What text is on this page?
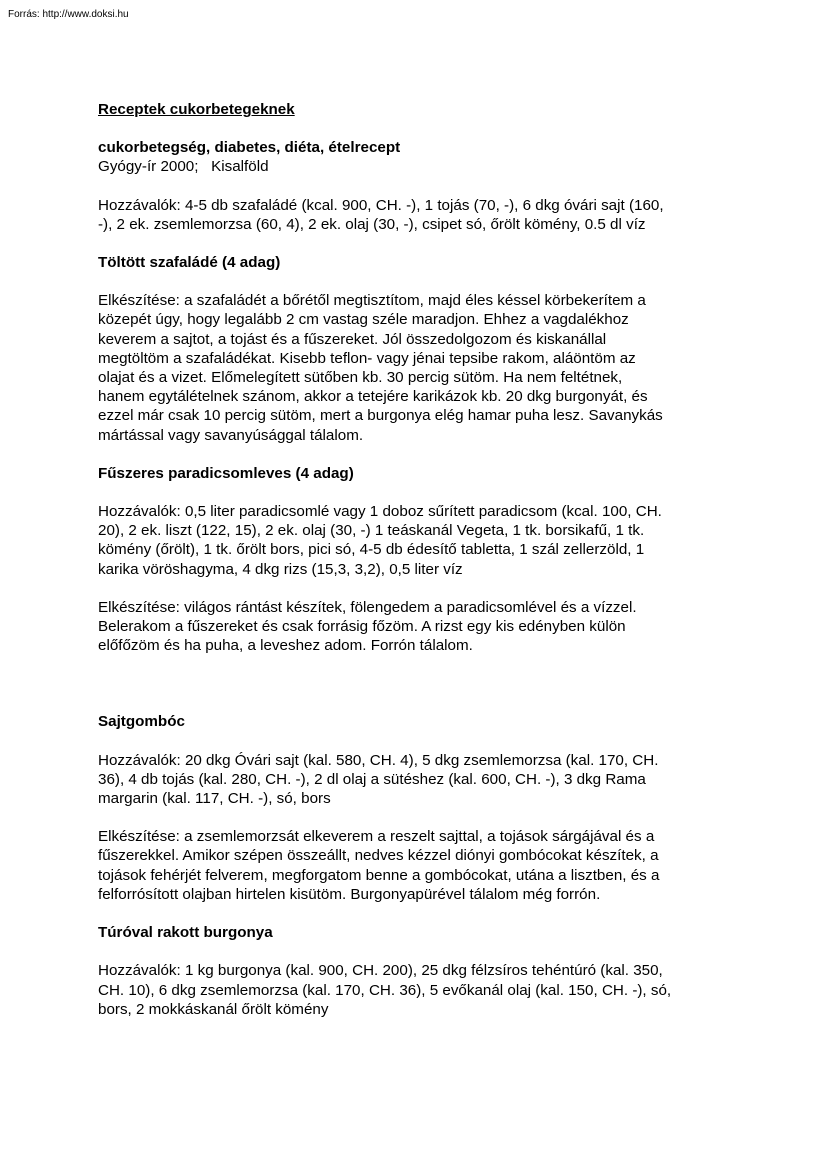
Forrás: http://www.doksi.hu

Receptek cukorbetegeknek

cukorbetegség, diabetes, diéta, ételrecept

Gyógy-ír 2000;   Kisalföld

Hozzávalók: 4-5 db szafaládé (kcal. 900, CH. -), 1 tojás (70, -), 6 dkg óvári sajt (160,

-), 2 ek. zsemlemorzsa (60, 4), 2 ek. olaj (30, -), csipet só, őrölt kömény, 0.5 dl víz

Töltött szafaládé (4 adag)

Elkészítése: a szafaládét a bőrétől megtisztítom, majd éles késsel körbekerítem a

közepét úgy, hogy legalább 2 cm vastag széle maradjon. Ehhez a vagdalékhoz

keverem a sajtot, a tojást és a fűszereket. Jól összedolgozom és kiskanállal

megtöltöm a szafaládékat. Kisebb teflon- vagy jénai tepsibe rakom, aláöntöm az

olajat és a vizet. Előmelegített sütőben kb. 30 percig sütöm. Ha nem feltétnek,

hanem egytálételnek szánom, akkor a tetejére karikázok kb. 20 dkg burgonyát, és

ezzel már csak 10 percig sütöm, mert a burgonya elég hamar puha lesz. Savanykás

mártással vagy savanyúsággal tálalom.

Fűszeres paradicsomleves (4 adag)

Hozzávalók: 0,5 liter paradicsomlé vagy 1 doboz sűrített paradicsom (kcal. 100, CH.

20), 2 ek. liszt (122, 15), 2 ek. olaj (30, -) 1 teáskanál Vegeta, 1 tk. borsikafű, 1 tk.

kömény (őrölt), 1 tk. őrölt bors, pici só, 4-5 db édesítő tabletta, 1 szál zellerzöld, 1

karika vöröshagyma, 4 dkg rizs (15,3, 3,2), 0,5 liter víz

Elkészítése: világos rántást készítek, fölengedem a paradicsomlével és a vízzel.

Belerakom a fűszereket és csak forrásig főzöm. A rizst egy kis edényben külön

előfőzöm és ha puha, a leveshez adom. Forrón tálalom.

Sajtgombóc

Hozzávalók: 20 dkg Óvári sajt (kal. 580, CH. 4), 5 dkg zsemlemorzsa (kal. 170, CH.

36), 4 db tojás (kal. 280, CH. -), 2 dl olaj a sütéshez (kal. 600, CH. -), 3 dkg Rama

margarin (kal. 117, CH. -), só, bors

Elkészítése: a zsemlemorzsát elkeverem a reszelt sajttal, a tojások sárgájával és a

fűszerekkel. Amikor szépen összeállt, nedves kézzel diónyi gombócokat készítek, a

tojások fehérjét felverem, megforgatom benne a gombócokat, utána a lisztben, és a

felforrósított olajban hirtelen kisütöm. Burgonyapürével tálalom még forrón.

Túróval rakott burgonya

Hozzávalók: 1 kg burgonya (kal. 900, CH. 200), 25 dkg félzsíros tehéntúró (kal. 350,

CH. 10), 6 dkg zsemlemorzsa (kal. 170, CH. 36), 5 evőkanál olaj (kal. 150, CH. -), só,

bors, 2 mokkáskanál őrölt kömény
